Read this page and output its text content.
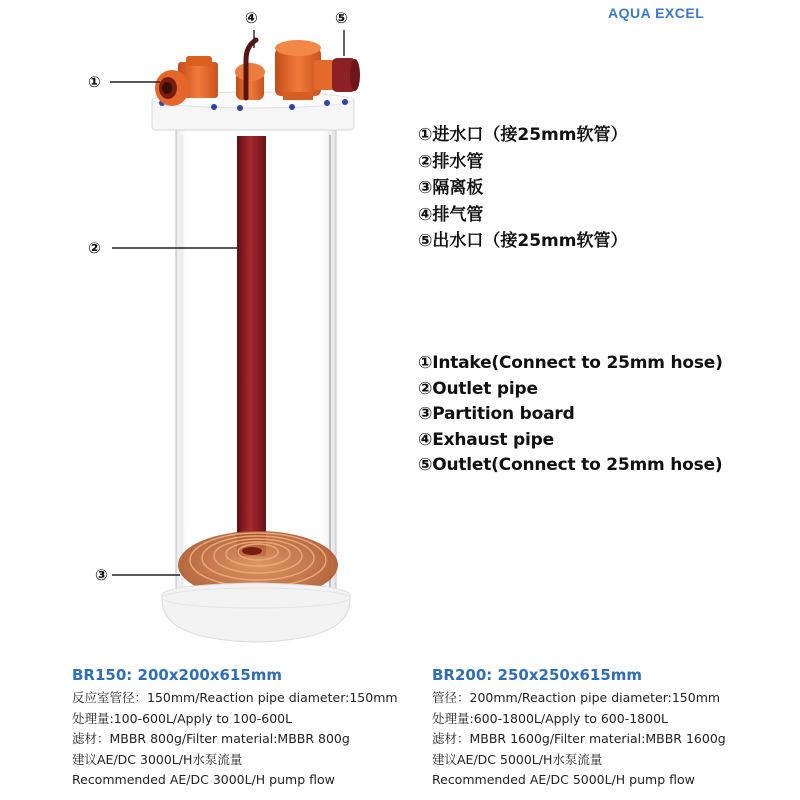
AQUA EXCEL
①
②
③
④	⑤
①进水口（接25mm软管）
②排水管
③隔离板
④排气管
⑤出水口（接25mm软管）
①Intake(Connect to 25mm hose)
②Outlet pipe
③Partition board
④Exhaust pipe
⑤Outlet(Connect to 25mm hose)
BR150: 200x200x615mm
反应室管径：150mm/Reaction pipe diameter:150mm
处理量:100-600L/Apply to 100-600L
滤材：MBBR 800g/Filter material:MBBR 800g
建议AE/DC 3000L/H水泵流量
Recommended AE/DC 3000L/H pump flow
BR200: 250x250x615mm
管径：200mm/Reaction pipe diameter:150mm
处理量:600-1800L/Apply to 600-1800L
滤材：MBBR 1600g/Filter material:MBBR 1600g
建议AE/DC 5000L/H水泵流量
Recommended AE/DC 5000L/H pump flow
